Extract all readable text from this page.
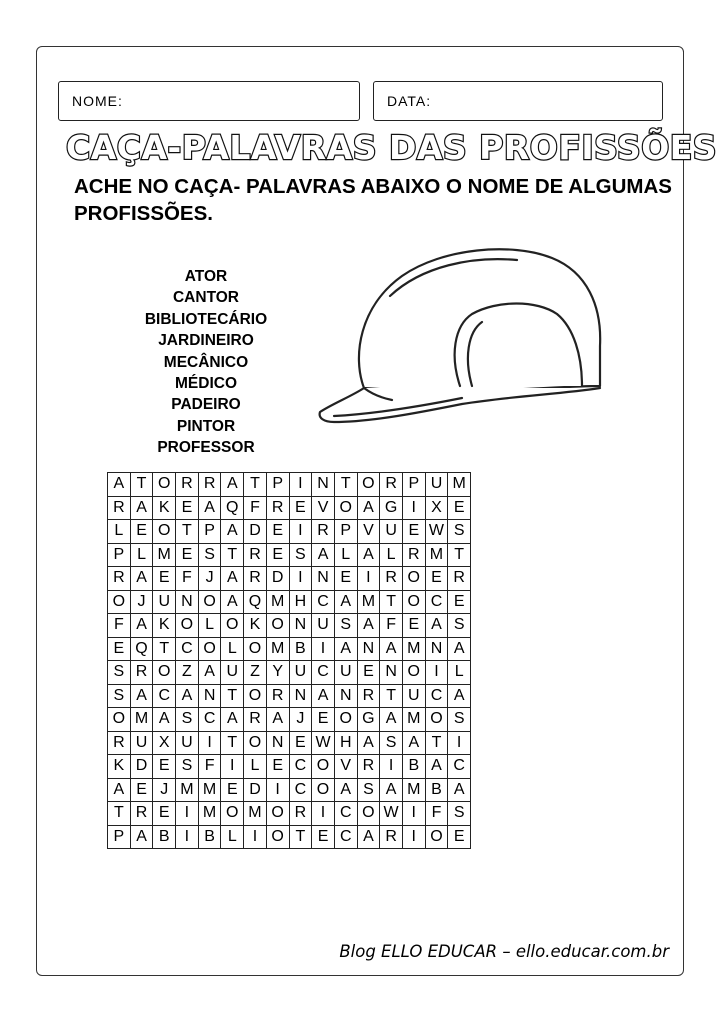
NOME:	DATA:
CAÇA-PALAVRAS DAS PROFISSÕES
ACHE NO CAÇA- PALAVRAS ABAIXO O NOME DE ALGUMAS PROFISSÕES.
ATOR
CANTOR
BIBLIOTECÁRIO
JARDINEIRO
MECÂNICO
MÉDICO
PADEIRO
PINTOR
PROFESSOR
A	T	O	R	R	A	T	P	I	N	T	O	R	P	U	M
R	A	K	E	A	Q	F	R	E	V	O	A	G	I	X	E
L	E	O	T	P	A	D	E	I	R	P	V	U	E	W	S
P	L	M	E	S	T	R	E	S	A	L	A	L	R	M	T
R	A	E	F	J	A	R	D	I	N	E	I	R	O	E	R
O	J	U	N	O	A	Q	M	H	C	A	M	T	O	C	E
F	A	K	O	L	O	K	O	N	U	S	A	F	E	A	S
E	Q	T	C	O	L	O	M	B	I	A	N	A	M	N	A
S	R	O	Z	A	U	Z	Y	U	C	U	E	N	O	I	L
S	A	C	A	N	T	O	R	N	A	N	R	T	U	C	A
O	M	A	S	C	A	R	A	J	E	O	G	A	M	O	S
R	U	X	U	I	T	O	N	E	W	H	A	S	A	T	I
K	D	E	S	F	I	L	E	C	O	V	R	I	B	A	C
A	E	J	M	M	E	D	I	C	O	A	S	A	M	B	A
T	R	E	I	M	O	M	O	R	I	C	O	W	I	F	S
P	A	B	I	B	L	I	O	T	E	C	A	R	I	O	E
Blog ELLO EDUCAR – ello.educar.com.br
